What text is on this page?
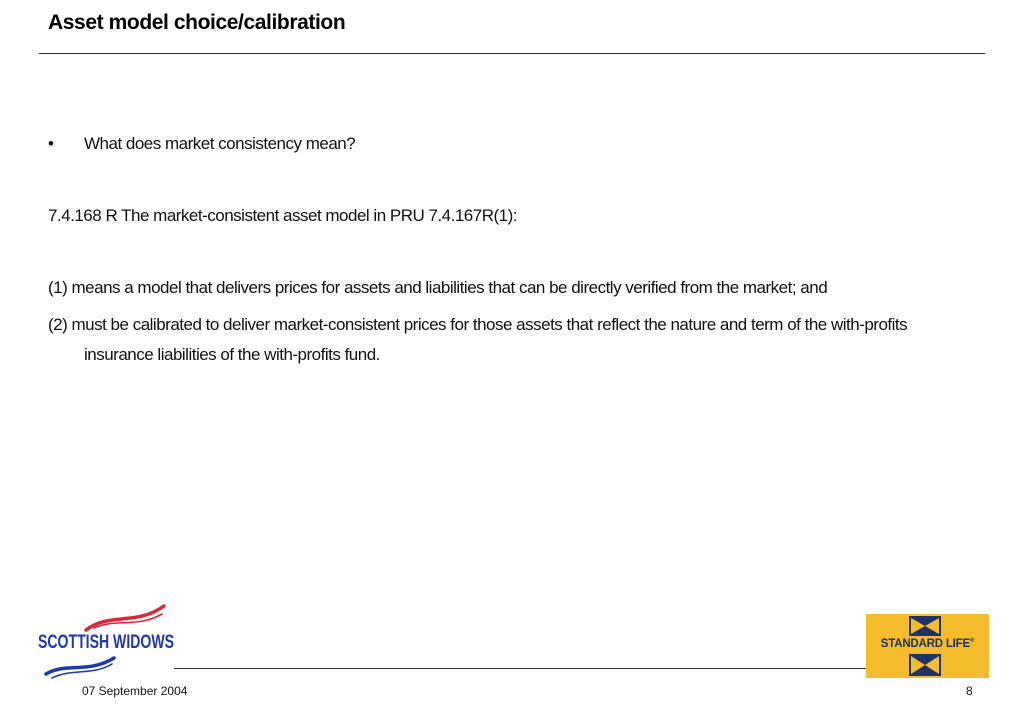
Asset model choice/calibration
• What does market consistency mean?
7.4.168 R The market-consistent asset model in PRU 7.4.167R(1):
(1) means a model that delivers prices for assets and liabilities that can be directly verified from the market; and
(2) must be calibrated to deliver market-consistent prices for those assets that reflect the nature and term of the with-profits insurance liabilities of the with-profits fund.
SCOTTISH WIDOWS	STANDARD LIFE®
07 September 2004	8
